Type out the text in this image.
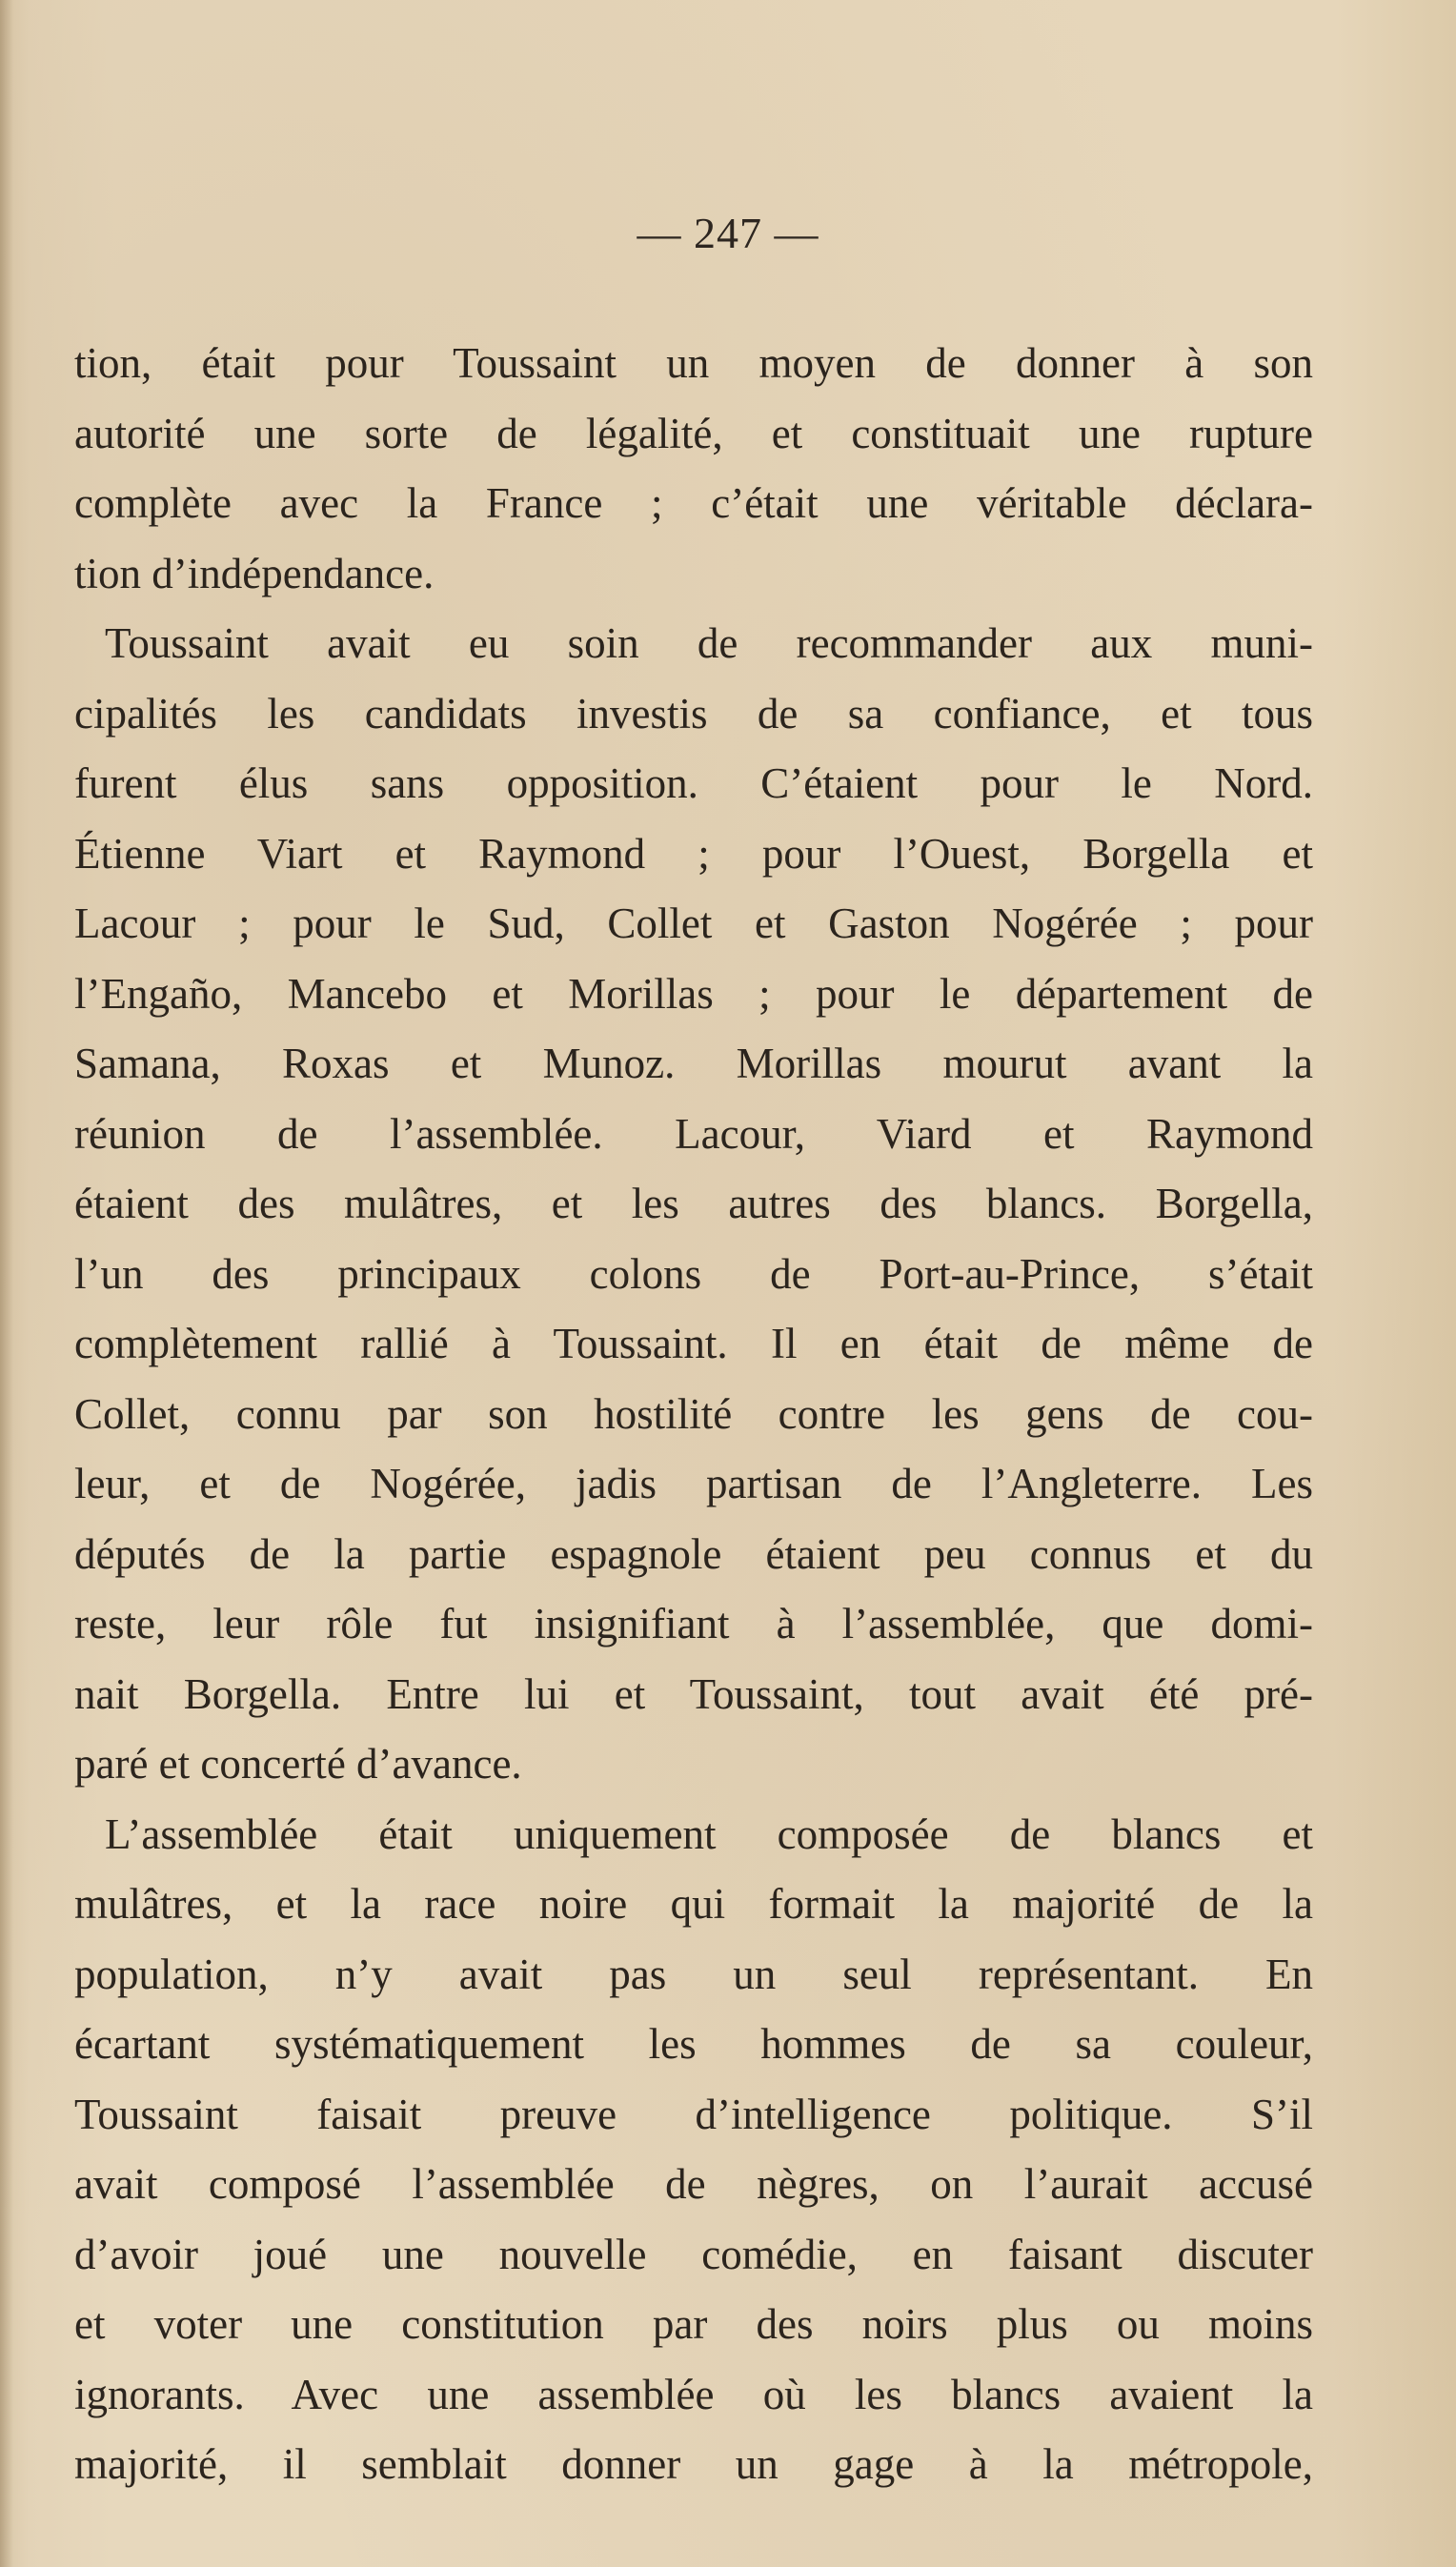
— 247 —
tion, était pour Toussaint un moyen de donner à son
autorité une sorte de légalité, et constituait une rupture
complète avec la France ; c’était une véritable déclara-
tion d’indépendance.
Toussaint avait eu soin de recommander aux muni-
cipalités les candidats investis de sa confiance, et tous
furent élus sans opposition. C’étaient pour le Nord.
Étienne Viart et Raymond ; pour l’Ouest, Borgella et
Lacour ; pour le Sud, Collet et Gaston Nogérée ; pour
l’Engaño, Mancebo et Morillas ; pour le département de
Samana, Roxas et Munoz. Morillas mourut avant la
réunion de l’assemblée. Lacour, Viard et Raymond
étaient des mulâtres, et les autres des blancs. Borgella,
l’un des principaux colons de Port-au-Prince, s’était
complètement rallié à Toussaint. Il en était de même de
Collet, connu par son hostilité contre les gens de cou-
leur, et de Nogérée, jadis partisan de l’Angleterre. Les
députés de la partie espagnole étaient peu connus et du
reste, leur rôle fut insignifiant à l’assemblée, que domi-
nait Borgella. Entre lui et Toussaint, tout avait été pré-
paré et concerté d’avance.
L’assemblée était uniquement composée de blancs et
mulâtres, et la race noire qui formait la majorité de la
population, n’y avait pas un seul représentant. En
écartant systématiquement les hommes de sa couleur,
Toussaint faisait preuve d’intelligence politique. S’il
avait composé l’assemblée de nègres, on l’aurait accusé
d’avoir joué une nouvelle comédie, en faisant discuter
et voter une constitution par des noirs plus ou moins
ignorants. Avec une assemblée où les blancs avaient la
majorité, il semblait donner un gage à la métropole,
